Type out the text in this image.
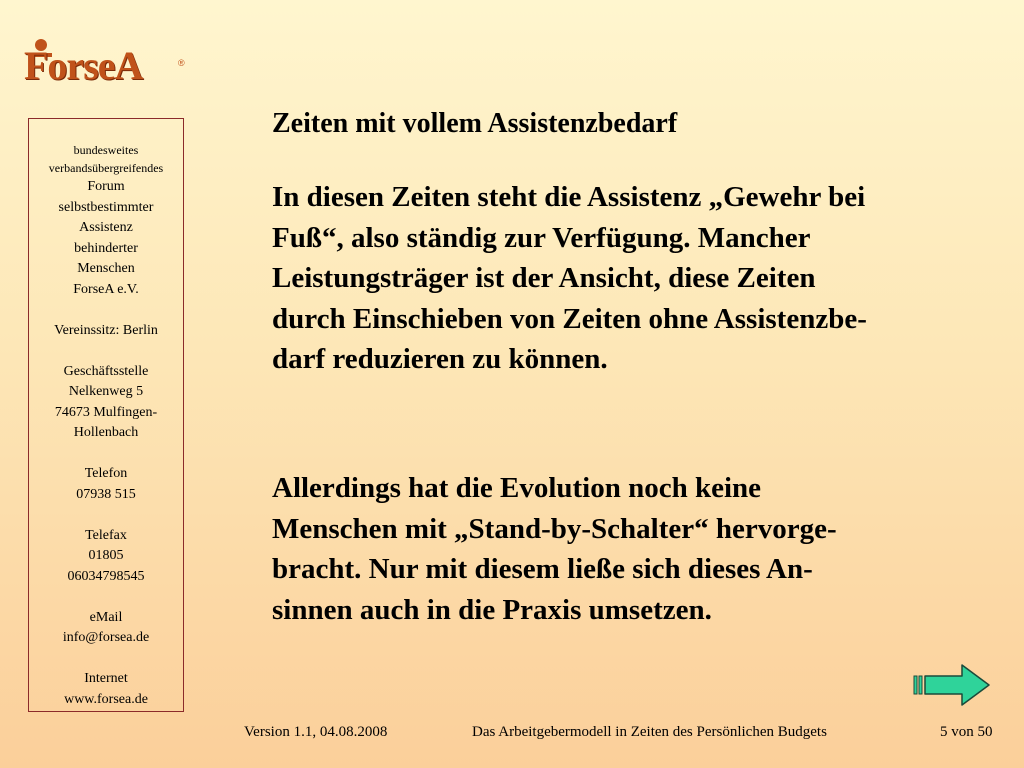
ForseA	®
bundesweites
verbandsübergreifendes
Forum
selbstbestimmter
Assistenz
behinderter
Menschen
ForseA e.V.
Vereinssitz: Berlin
Geschäftsstelle
Nelkenweg 5
74673 Mulfingen-
Hollenbach
Telefon
07938 515
Telefax
01805
06034798545
eMail
info@forsea.de
Internet
www.forsea.de
Zeiten mit vollem Assistenzbedarf
In diesen Zeiten steht die Assistenz „Gewehr bei
Fuß“, also ständig zur Verfügung. Mancher
Leistungsträger ist der Ansicht, diese Zeiten
durch Einschieben von Zeiten ohne Assistenzbe-
darf reduzieren zu können.
Allerdings hat die Evolution noch keine
Menschen mit „Stand-by-Schalter“ hervorge-
bracht. Nur mit diesem ließe sich dieses An-
sinnen auch in die Praxis umsetzen.
Version 1.1, 04.08.2008	Das Arbeitgebermodell in Zeiten des Persönlichen Budgets	5 von 50
